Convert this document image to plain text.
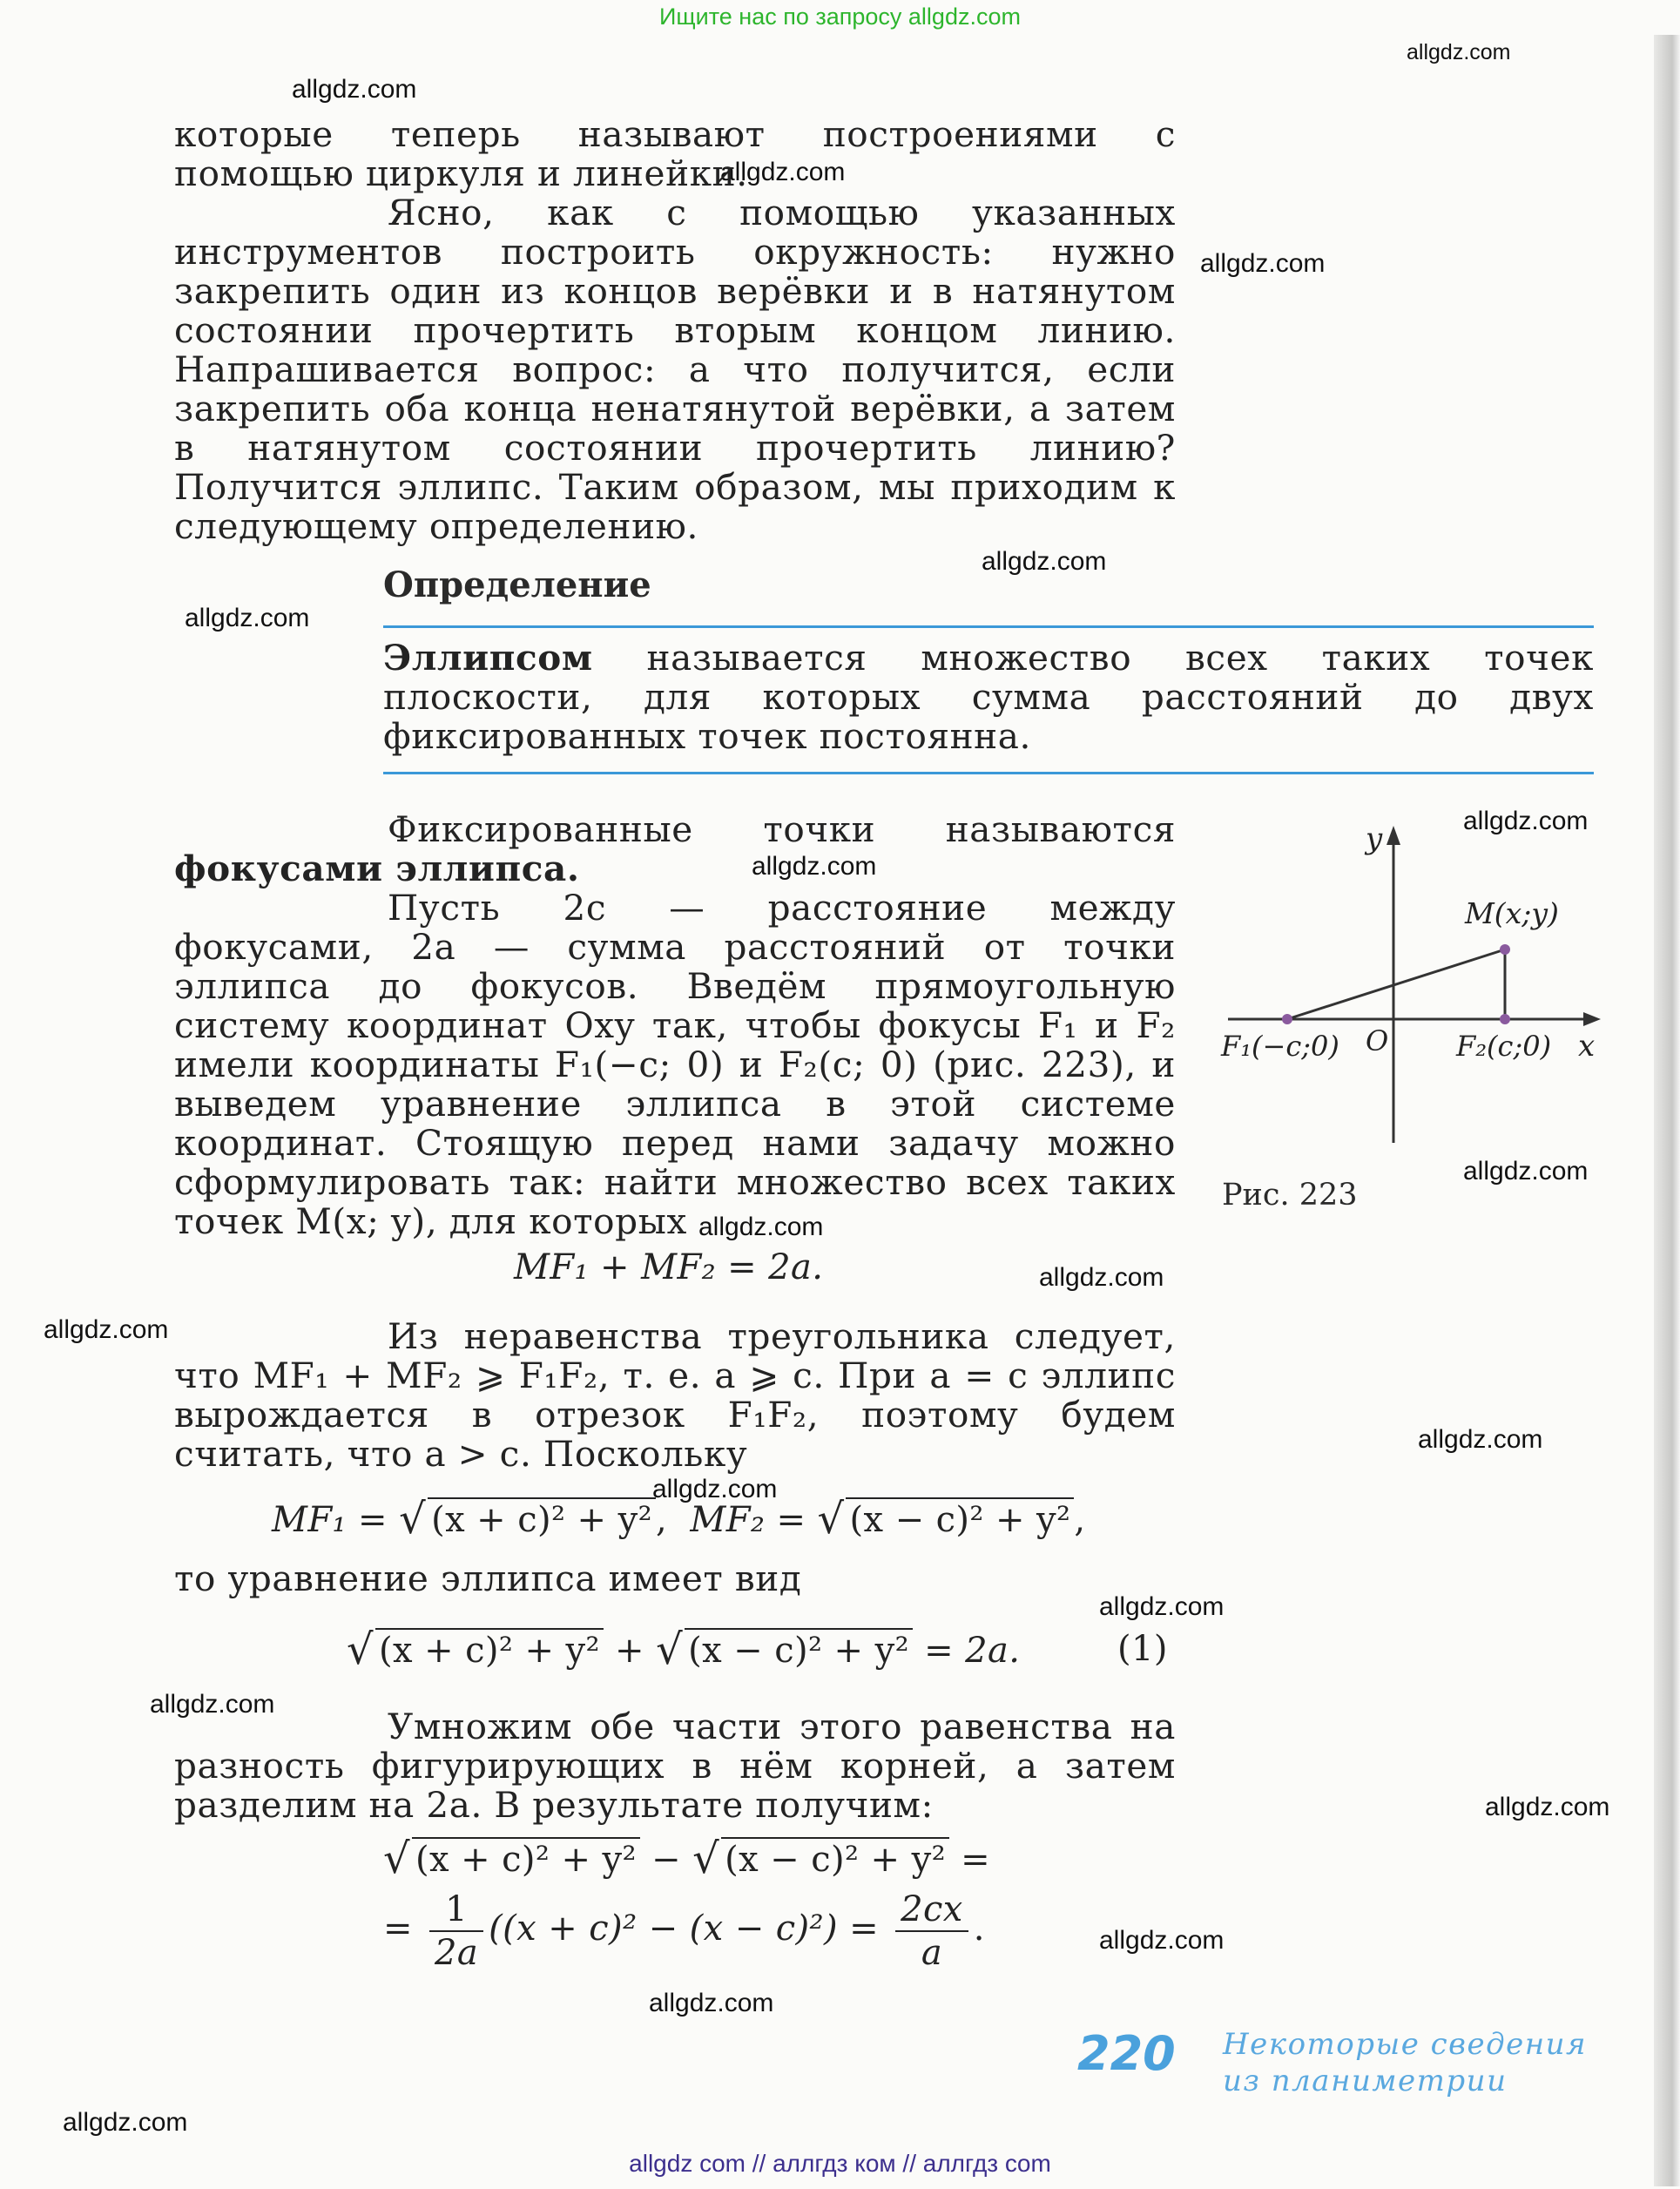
Ищите нас по запросу allgdz.com
allgdz.com
allgdz.com
allgdz.com
allgdz.com
allgdz.com
allgdz.com
allgdz.com
allgdz.com
allgdz.com
allgdz.com
allgdz.com
allgdz.com
allgdz.com
allgdz.com
allgdz.com
allgdz.com
allgdz.com
allgdz.com
allgdz.com
allgdz.com

которые теперь называют построениями с помощью циркуля и линейки.

Ясно, как с помощью указанных инструментов построить окружность: нужно закрепить один из концов верёвки и в натянутом состоянии прочертить вторым концом линию. Напрашивается вопрос: а что получится, если закрепить оба конца ненатянутой верёвки, а затем в натянутом состоянии прочертить линию? Получится эллипс. Таким образом, мы приходим к следующему определению.

Определение

Эллипсом называется множество всех таких точек плоскости, для которых сумма расстояний до двух фиксированных точек постоянна.

Фиксированные точки называются фокусами эллипса.

Пусть 2c — расстояние между фокусами, 2a — сумма расстояний от точки эллипса до фокусов. Введём прямоугольную систему координат Oxy так, чтобы фокусы F₁ и F₂ имели координаты F₁(−c; 0) и F₂(c; 0) (рис. 223), и выведем уравнение эллипса в этой системе координат. Стоящую перед нами задачу можно сформулировать так: найти множество всех таких точек M(x; y), для которых

MF₁ + MF₂ = 2a.

Из неравенства треугольника следует, что MF₁ + MF₂ ⩾ F₁F₂, т. е. a ⩾ c. При a = c эллипс вырождается в отрезок F₁F₂, поэтому будем считать, что a > c. Поскольку

MF₁ = √ (x + c)² + y² ,  MF₂ = √ (x − c)² + y² ,

то уравнение эллипса имеет вид

√ (x + c)² + y² + √ (x − c)² + y² = 2a.	(1)

Умножим обе части этого равенства на разность фигурирующих в нём корней, а затем разделим на 2a. В результате получим:

√ (x + c)² + y² − √ (x − c)² + y² =
= $\frac{1}{2a} ((x + c)^2 - (x - c)^2) = 2cx$
a
.
y
x
O
M(x;y)
F₁(−c;0)	F₂(c;0)

Рис. 223

220 Некоторые сведения
из планиметрии
allgdz com // аллгдз ком // аллгдз com
